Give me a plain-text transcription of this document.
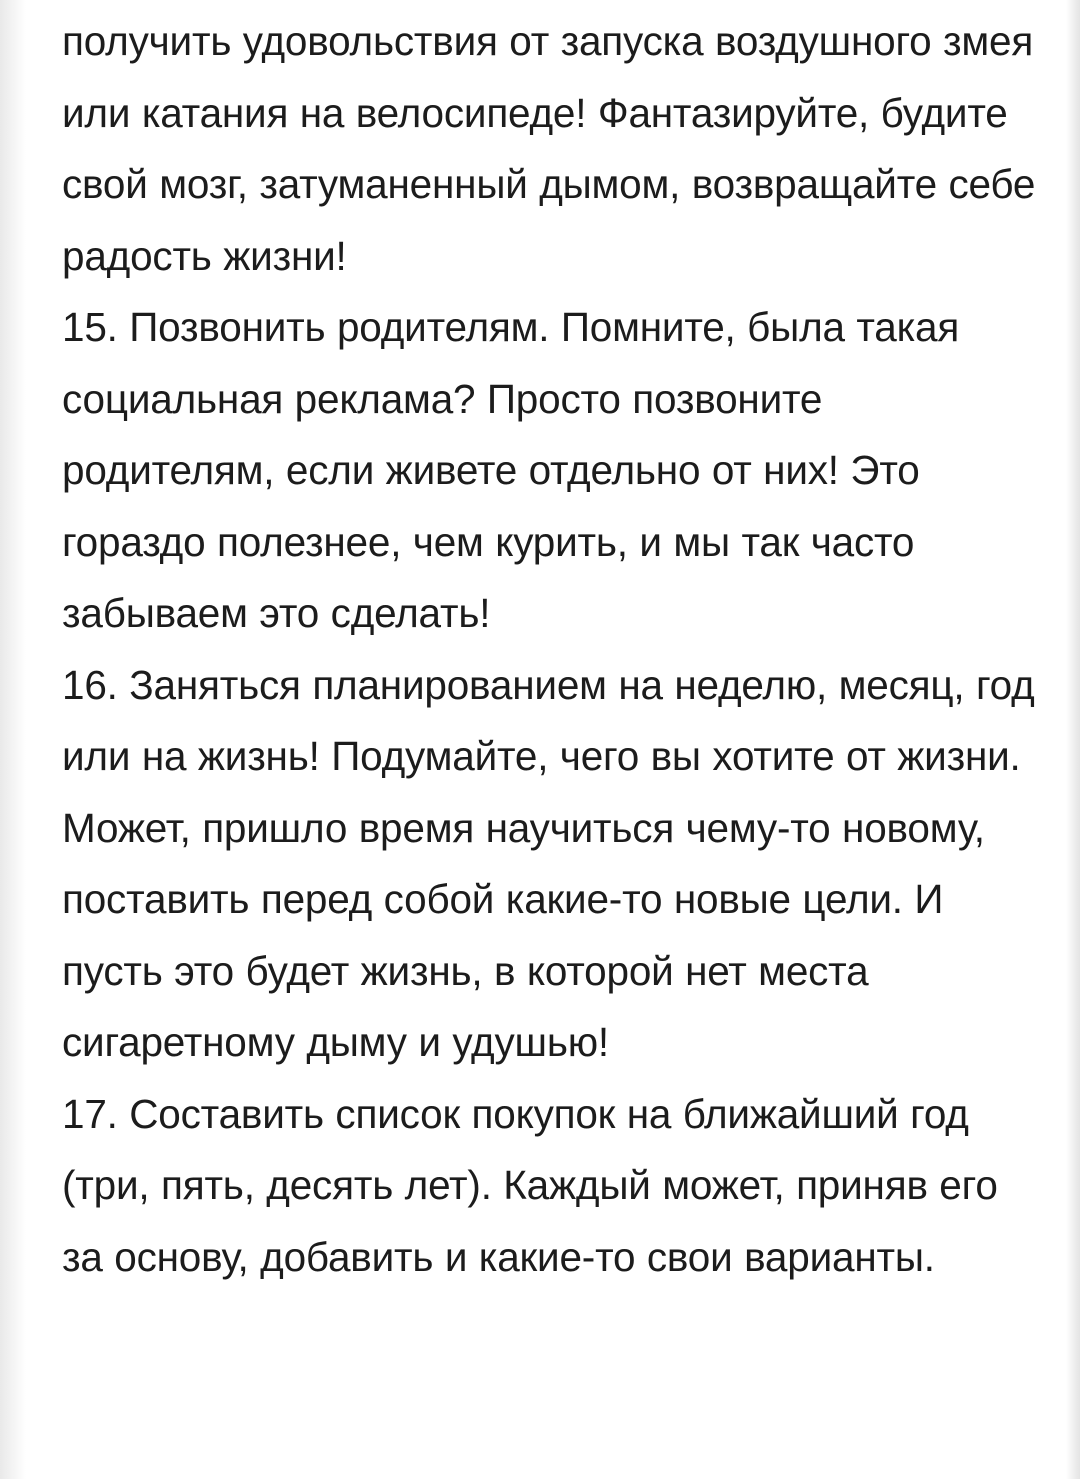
получить удовольствия от запуска воздушного змея или катания на велосипеде! Фантазируйте, будите свой мозг, затуманенный дымом, возвращайте себе радость жизни!

15. Позвонить родителям. Помните, была такая социальная реклама? Просто позвоните родителям, если живете отдельно от них! Это гораздо полезнее, чем курить, и мы так часто забываем это сделать!

16. Заняться планированием на неделю, месяц, год или на жизнь! Подумайте, чего вы хотите от жизни. Может, пришло время научиться чему-то новому, поставить перед собой какие-то новые цели. И пусть это будет жизнь, в которой нет места сигаретному дыму и удушью!

17. Составить список покупок на ближайший год (три, пять, десять лет). Каждый может, приняв его за основу, добавить и какие-то свои варианты.
